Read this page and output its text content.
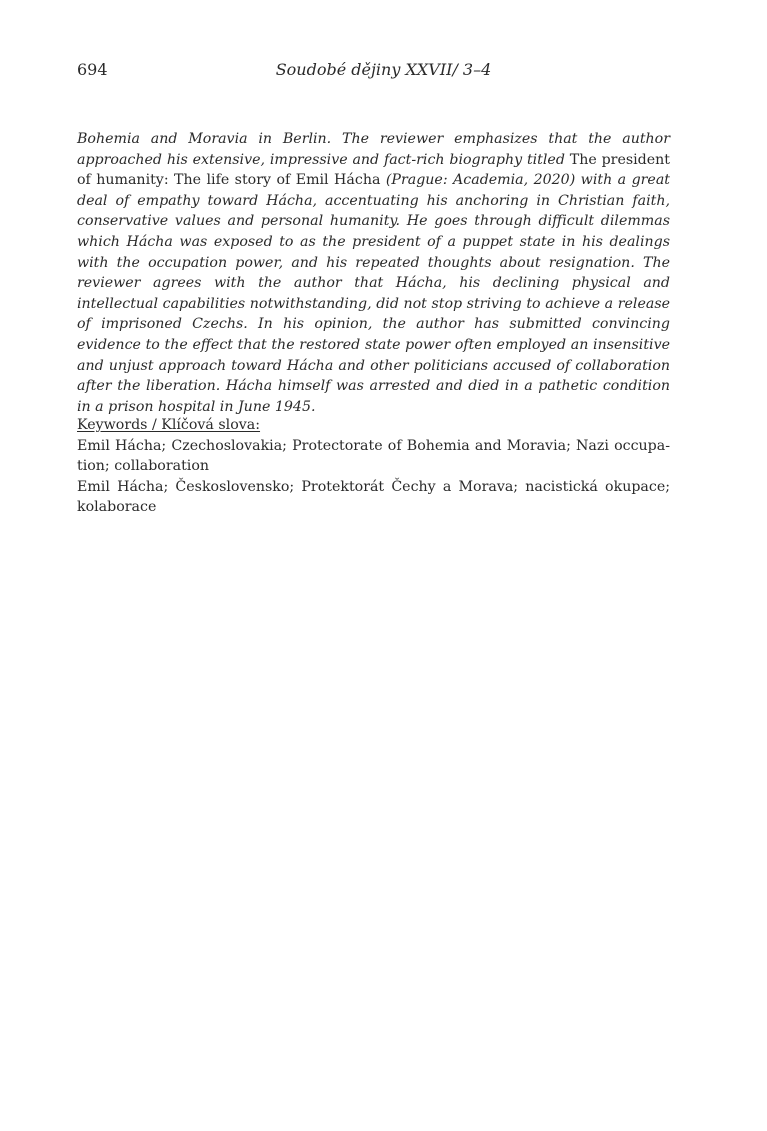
694	Soudobé dějiny XXVII/ 3–4

Bohemia and Moravia in Berlin. The reviewer emphasizes that the author approached his extensive, impressive and fact-rich biography titled The president of humanity: The life story of Emil Hácha (Prague: Academia, 2020) with a great deal of empathy toward Hácha, accentuating his anchoring in Christian faith, conservative values and personal humanity. He goes through difficult dilemmas which Hácha was exposed to as the president of a puppet state in his dealings with the occupation power, and his repeated thoughts about resignation. The reviewer agrees with the author that Hácha, his declining physical and intellectual capabilities notwithstanding, did not stop striving to achieve a release of imprisoned Czechs. In his opinion, the author has submitted convincing evidence to the effect that the restored state power often employed an insensitive and unjust approach toward Hácha and other politicians accused of collaboration after the liberation. Hácha himself was arrested and died in a pathetic condition in a prison hospital in June 1945.

Keywords / Klíčová slova:
Emil Hácha; Czechoslovakia; Protectorate of Bohemia and Moravia; Nazi occupation; collaboration
Emil Hácha; Československo; Protektorát Čechy a Morava; nacistická okupace; kolaborace
